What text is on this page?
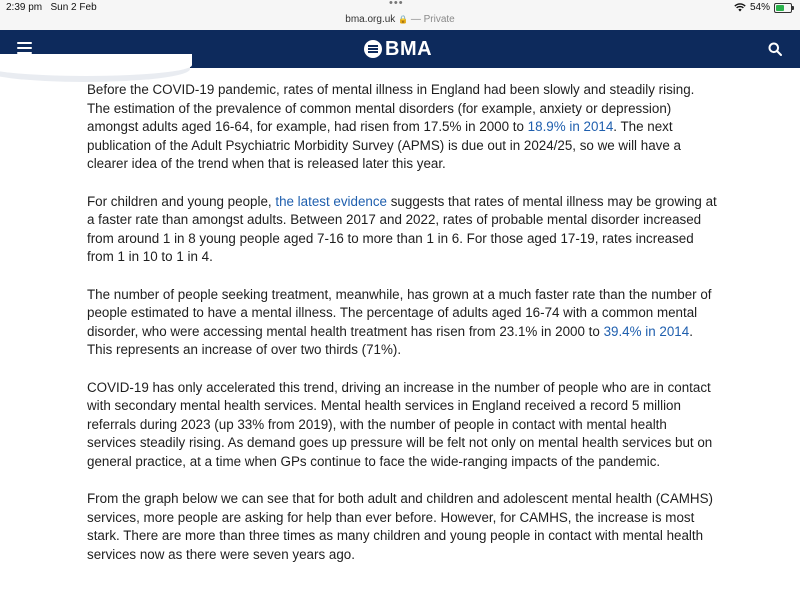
2:39 pm Sun 2 Feb	•••	54%
bma.org.uk 🔒 — Private
BMA

Before the COVID-19 pandemic, rates of mental illness in England had been slowly and steadily rising. The estimation of the prevalence of common mental disorders (for example, anxiety or depression) amongst adults aged 16-64, for example, had risen from 17.5% in 2000 to 18.9% in 2014. The next publication of the Adult Psychiatric Morbidity Survey (APMS) is due out in 2024/25, so we will have a clearer idea of the trend when that is released later this year.

For children and young people, the latest evidence suggests that rates of mental illness may be growing at a faster rate than amongst adults. Between 2017 and 2022, rates of probable mental disorder increased from around 1 in 8 young people aged 7-16 to more than 1 in 6. For those aged 17-19, rates increased from 1 in 10 to 1 in 4.

The number of people seeking treatment, meanwhile, has grown at a much faster rate than the number of people estimated to have a mental illness. The percentage of adults aged 16-74 with a common mental disorder, who were accessing mental health treatment has risen from 23.1% in 2000 to 39.4% in 2014. This represents an increase of over two thirds (71%).

COVID-19 has only accelerated this trend, driving an increase in the number of people who are in contact with secondary mental health services. Mental health services in England received a record 5 million referrals during 2023 (up 33% from 2019), with the number of people in contact with mental health services steadily rising. As demand goes up pressure will be felt not only on mental health services but on general practice, at a time when GPs continue to face the wide-ranging impacts of the pandemic.

From the graph below we can see that for both adult and children and adolescent mental health (CAMHS) services, more people are asking for help than ever before. However, for CAMHS, the increase is most stark. There are more than three times as many children and young people in contact with mental health services now as there were seven years ago.
